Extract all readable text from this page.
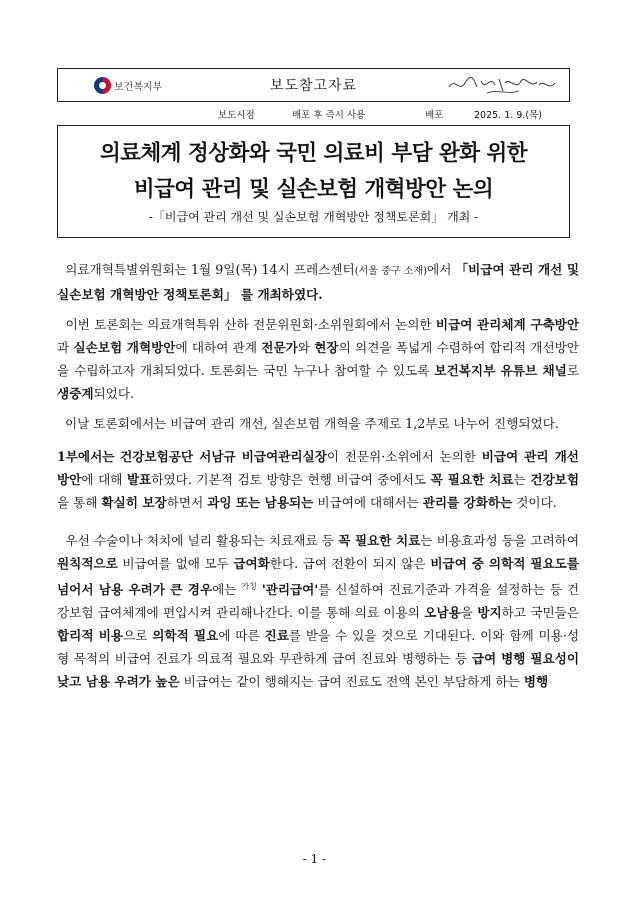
보건복지부	보도참고자료
보도시점	배포 후 즉시 사용	배포	2025. 1. 9.(목)
의료체계 정상화와 국민 의료비 부담 완화 위한
비급여 관리 및 실손보험 개혁방안 논의
-「비급여 관리 개선 및 실손보험 개혁방안 정책토론회」 개최 -

의료개혁특별위원회는 1월 9일(목) 14시 프레스센터(서울 중구 소재)에서 「비급여 관리 개선 및 실손보험 개혁방안 정책토론회」 를 개최하였다.

이번 토론회는 의료개혁특위 산하 전문위원회·소위원회에서 논의한 비급여 관리체계 구축방안과 실손보험 개혁방안에 대하여 관계 전문가와 현장의 의견을 폭넓게 수렴하여 합리적 개선방안을 수립하고자 개최되었다. 토론회는 국민 누구나 참여할 수 있도록 보건복지부 유튜브 채널로 생중계되었다.

이날 토론회에서는 비급여 관리 개선, 실손보험 개혁을 주제로 1,2부로 나누어 진행되었다.

1부에서는 건강보험공단 서남규 비급여관리실장이 전문위·소위에서 논의한 비급여 관리 개선 방안에 대해 발표하였다. 기본적 검토 방향은 현행 비급여 중에서도 꼭 필요한 치료는 건강보험을 통해 확실히 보장하면서 과잉 또는 남용되는 비급여에 대해서는 관리를 강화하는 것이다.

우선 수술이나 처치에 널리 활용되는 치료재료 등 꼭 필요한 치료는 비용효과성 등을 고려하여 원칙적으로 비급여를 없애 모두 급여화한다. 급여 전환이 되지 않은 비급여 중 의학적 필요도를 넘어서 남용 우려가 큰 경우에는 $^{가칭}$ '관리급여'를 신설하여 진료기준과 가격을 설정하는 등 건강보험 급여체계에 편입시켜 관리해나간다. 이를 통해 의료 이용의 오남용을 방지하고 국민들은 합리적 비용으로 의학적 필요에 따른 진료를 받을 수 있을 것으로 기대된다. 이와 함께 미용·성형 목적의 비급여 진료가 의료적 필요와 무관하게 급여 진료와 병행하는 등 급여 병행 필요성이 낮고 남용 우려가 높은 비급여는 같이 행해지는 급여 진료도 전액 본인 부담하게 하는 병행

- 1 -
